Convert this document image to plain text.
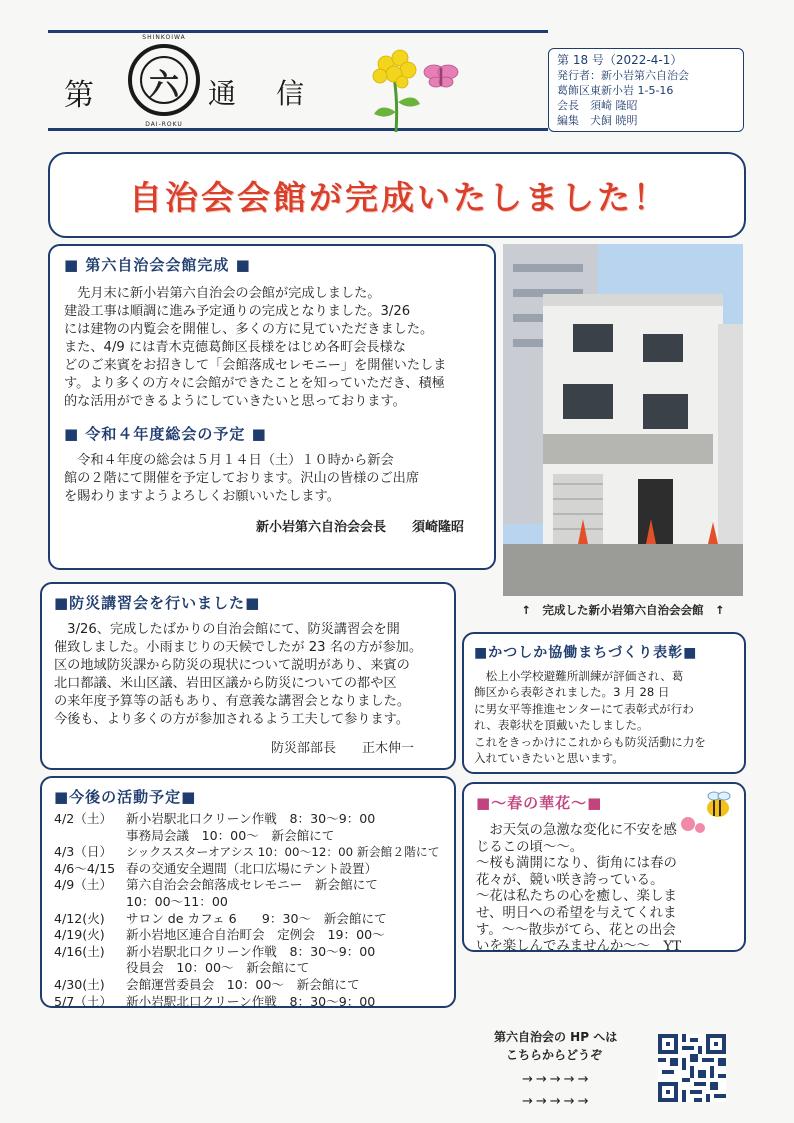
第	六
SHINKOIWA
DAI-ROKU
通　信
第 18 号（2022-4-1）
発行者：新小岩第六自治会
葛飾区東新小岩 1-5-16
会長　須崎 隆昭
編集　犬飼 暁明
自治会会館が完成いたしました！
■ 第六自治会会館完成 ■
　先月末に新小岩第六自治会の会館が完成しました。
建設工事は順調に進み予定通りの完成となりました。3/26
には建物の内覧会を開催し、多くの方に見ていただきました。
また、4/9 には青木克德葛飾区長様をはじめ各町会長様な
どのご来賓をお招きして「会館落成セレモニー」を開催いたしま
す。より多くの方々に会館ができたことを知っていただき、積極
的な活用ができるようにしていきたいと思っております。
■ 令和４年度総会の予定 ■
　令和４年度の総会は５月１４日（土）１０時から新会
館の２階にて開催を予定しております。沢山の皆様のご出席
を賜わりますようよろしくお願いいたします。
新小岩第六自治会会長　　須崎隆昭
↑　完成した新小岩第六自治会会館　↑
■防災講習会を行いました■
　3/26、完成したばかりの自治会館にて、防災講習会を開
催致しました。小雨まじりの天候でしたが 23 名の方が参加。
区の地域防災課から防災の現状について説明があり、来賓の
北口都議、米山区議、岩田区議から防災についての都や区
の来年度予算等の話もあり、有意義な講習会となりました。
今後も、より多くの方が参加されるよう工夫して参ります。
防災部部長　　正木伸一
■かつしか協働まちづくり表彰■
　松上小学校避難所訓練が評価され、葛
飾区から表彰されました。3 月 28 日
に男女平等推進センターにて表彰式が行わ
れ、表彰状を頂戴いたしました。
これをきっかけにこれからも防災活動に力を
入れていきたいと思います。
■今後の活動予定■
4/2（土）	新小岩駅北口クリーン作戦　8：30～9：00
事務局会議　10：00～　新会館にて
4/3（日）	シックススターオアシス 10：00～12：00 新会館２階にて
4/6～4/15 春の交通安全週間（北口広場にテント設置）
4/9（土）	第六自治会会館落成セレモニー　新会館にて
10：00～11：00
4/12(火)	サロン de カフェ 6　　9：30～　新会館にて
4/19(火)	新小岩地区連合自治町会　定例会　19：00～
4/16(土)	新小岩駅北口クリーン作戦　8：30～9：00
役員会　10：00～　新会館にて
4/30(土)	会館運営委員会　10：00～　新会館にて
5/7（土）	新小岩駅北口クリーン作戦　8：30～9：00
■～春の華花～■
　お天気の急激な変化に不安を感
じるこの頃～～。
～桜も満開になり、街角には春の
花々が、競い咲き誇っている。
～花は私たちの心を癒し、楽しま
せ、明日への希望を与えてくれま
す。～～散歩がてら、花との出会
いを楽しんでみませんか～～　YT
第六自治会の HP へは
こちらからどうぞ
→→→→→
→→→→→
